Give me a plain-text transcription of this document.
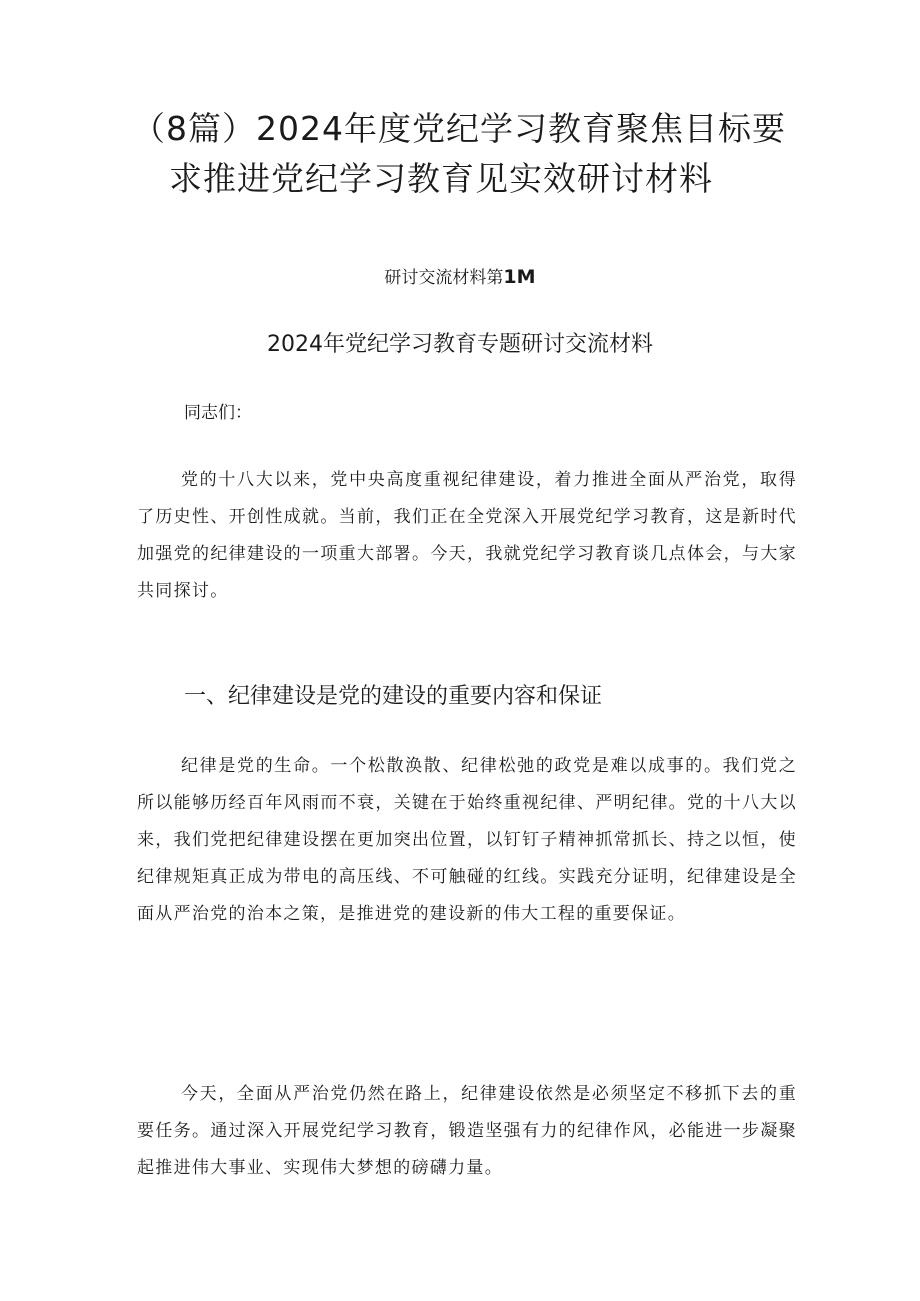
（8篇）2024年度党纪学习教育聚焦目标要
求推进党纪学习教育见实效研讨材料
研讨交流材料第1M
2024年党纪学习教育专题研讨交流材料
同志们：

党的十八大以来，党中央高度重视纪律建设，着力推进全面从严治党，取得了历史性、开创性成就。当前，我们正在全党深入开展党纪学习教育，这是新时代加强党的纪律建设的一项重大部署。今天，我就党纪学习教育谈几点体会，与大家共同探讨。

一、纪律建设是党的建设的重要内容和保证

纪律是党的生命。一个松散涣散、纪律松弛的政党是难以成事的。我们党之所以能够历经百年风雨而不衰，关键在于始终重视纪律、严明纪律。党的十八大以来，我们党把纪律建设摆在更加突出位置，以钉钉子精神抓常抓长、持之以恒，使纪律规矩真正成为带电的高压线、不可触碰的红线。实践充分证明，纪律建设是全面从严治党的治本之策，是推进党的建设新的伟大工程的重要保证。

今天，全面从严治党仍然在路上，纪律建设依然是必须坚定不移抓下去的重要任务。通过深入开展党纪学习教育，锻造坚强有力的纪律作风，必能进一步凝聚起推进伟大事业、实现伟大梦想的磅礴力量。
